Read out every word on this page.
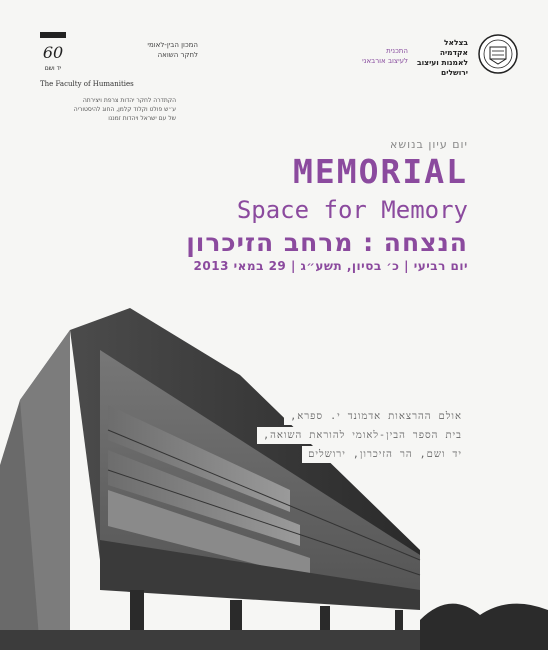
60
יד ושם
המכון הבין-לאומי
לחקר השואה
The Faculty of Humanities
הקתדרה לחקר יהדות צרפת ויצירתה
ע״ש פולט וקלוד קלמן, החוג להיסטוריה
של עם ישראל ויהדות זמננו
בצלאל
אקדמיה
לאמנות ועיצוב
ירושלים
התכנית
לעיצוב אורבאני
יום עיון בנושא
MEMORIAL
Space for Memory
הנצחה : מרחב הזיכרון
יום רביעי | כ׳ בסיון, תשע״ג | 29 במאי 2013
אולם ההרצאות אדמונד י. ספרא,
בית הספר הבין-לאומי להוראת השואה,
יד ושם, הר הזיכרון, ירושלים
